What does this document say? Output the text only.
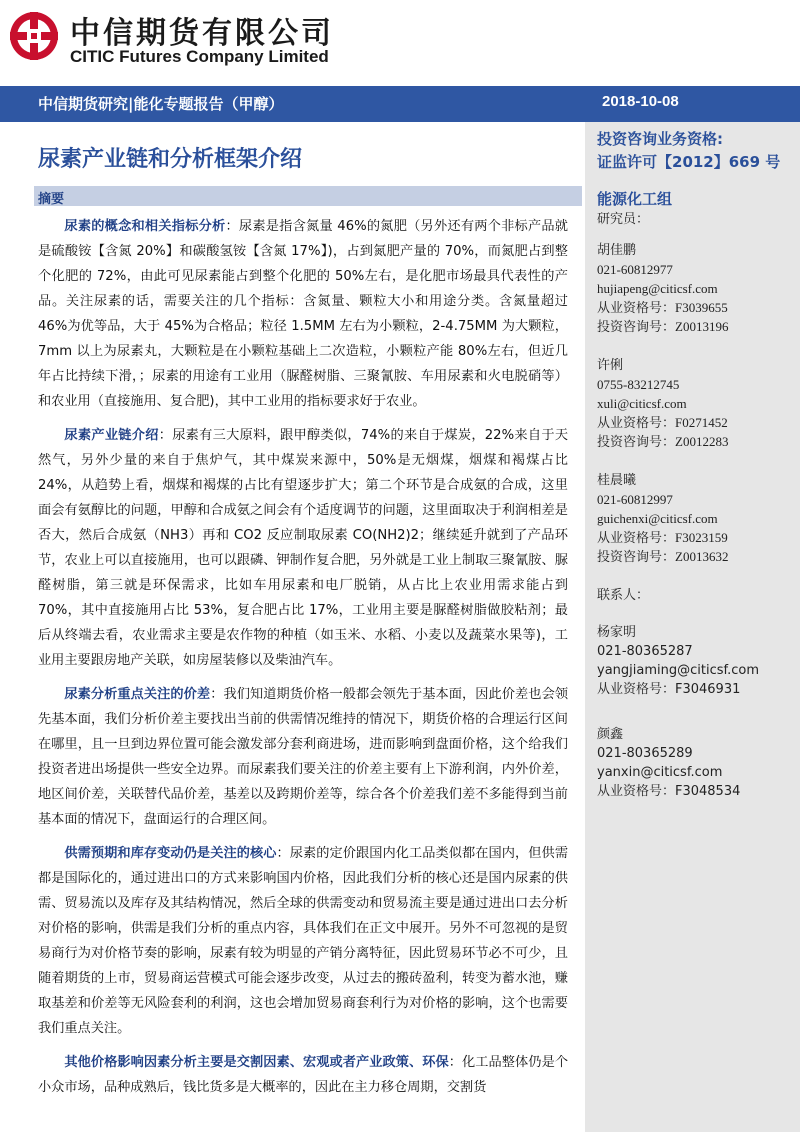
中信期货有限公司
CITIC Futures Company Limited
中信期货研究|能化专题报告（甲醇）	2018-10-08
尿素产业链和分析框架介绍
摘要

尿素的概念和相关指标分析：尿素是指含氮量 46%的氮肥（另外还有两个非标产品就是硫酸铵【含氮 20%】和碳酸氢铵【含氮 17%】)，占到氮肥产量的 70%，而氮肥占到整个化肥的 72%，由此可见尿素能占到整个化肥的 50%左右，是化肥市场最具代表性的产品。关注尿素的话，需要关注的几个指标：含氮量、颗粒大小和用途分类。含氮量超过 46%为优等品，大于 45%为合格品；粒径 1.5MM 左右为小颗粒，2-4.75MM 为大颗粒，7mm 以上为尿素丸，大颗粒是在小颗粒基础上二次造粒，小颗粒产能 80%左右，但近几年占比持续下滑，；尿素的用途有工业用（脲醛树脂、三聚氰胺、车用尿素和火电脱硝等）和农业用（直接施用、复合肥)，其中工业用的指标要求好于农业。

尿素产业链介绍：尿素有三大原料，跟甲醇类似，74%的来自于煤炭，22%来自于天然气，另外少量的来自于焦炉气，其中煤炭来源中，50%是无烟煤，烟煤和褐煤占比 24%，从趋势上看，烟煤和褐煤的占比有望逐步扩大；第二个环节是合成氨的合成，这里面会有氨醇比的问题，甲醇和合成氨之间会有个适度调节的问题，这里面取决于利润相差是否大，然后合成氨（NH3）再和 CO2 反应制取尿素 CO(NH2)2；继续延升就到了产品环节，农业上可以直接施用，也可以跟磷、钾制作复合肥，另外就是工业上制取三聚氰胺、脲醛树脂，第三就是环保需求，比如车用尿素和电厂脱销，从占比上农业用需求能占到 70%，其中直接施用占比 53%，复合肥占比 17%，工业用主要是脲醛树脂做胶粘剂；最后从终端去看，农业需求主要是农作物的种植（如玉米、水稻、小麦以及蔬菜水果等)，工业用主要跟房地产关联，如房屋装修以及柴油汽车。

尿素分析重点关注的价差：我们知道期货价格一般都会领先于基本面，因此价差也会领先基本面，我们分析价差主要找出当前的供需情况维持的情况下，期货价格的合理运行区间在哪里，且一旦到边界位置可能会激发部分套利商进场，进而影响到盘面价格，这个给我们投资者进出场提供一些安全边界。而尿素我们要关注的价差主要有上下游利润，内外价差，地区间价差，关联替代品价差，基差以及跨期价差等，综合各个价差我们差不多能得到当前基本面的情况下，盘面运行的合理区间。

供需预期和库存变动仍是关注的核心：尿素的定价跟国内化工品类似都在国内，但供需都是国际化的，通过进出口的方式来影响国内价格，因此我们分析的核心还是国内尿素的供需、贸易流以及库存及其结构情况，然后全球的供需变动和贸易流主要是通过进出口去分析对价格的影响，供需是我们分析的重点内容，具体我们在正文中展开。另外不可忽视的是贸易商行为对价格节奏的影响，尿素有较为明显的产销分离特征，因此贸易环节必不可少，且随着期货的上市，贸易商运营模式可能会逐步改变，从过去的搬砖盈利，转变为蓄水池，赚取基差和价差等无风险套利的利润，这也会增加贸易商套利行为对价格的影响，这个也需要我们重点关注。

其他价格影响因素分析主要是交割因素、宏观或者产业政策、环保：化工品整体仍是个小众市场，品种成熟后，钱比货多是大概率的，因此在主力移仓周期，交割货

投资咨询业务资格:
证监许可【2012】669 号
能源化工组
研究员：
胡佳鹏
021-60812977
hujiapeng@citicsf.com
从业资格号：F3039655
投资咨询号：Z0013196
许俐
0755-83212745
xuli@citicsf.com
从业资格号：F0271452
投资咨询号：Z0012283
桂晨曦
021-60812997
guichenxi@citicsf.com
从业资格号：F3023159
投资咨询号：Z0013632
联系人：
杨家明
021-80365287
yangjiaming@citicsf.com
从业资格号：F3046931
颜鑫
021-80365289
yanxin@citicsf.com
从业资格号：F3048534
